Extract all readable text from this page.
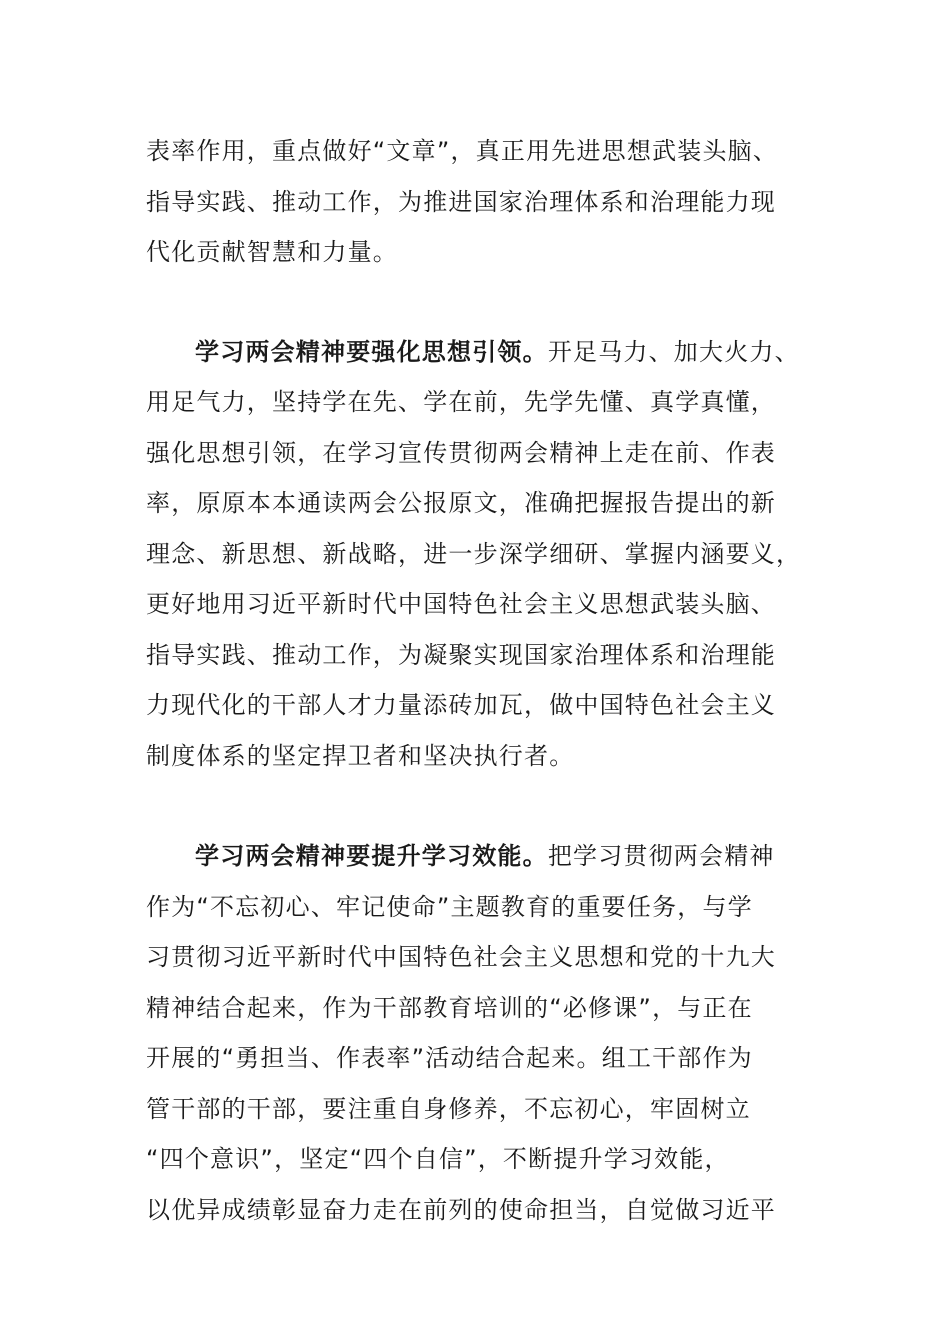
表率作用，重点做好“文章”，真正用先进思想武装头脑、
指导实践、推动工作，为推进国家治理体系和治理能力现
代化贡献智慧和力量。
学习两会精神要强化思想引领。开足马力、加大火力、
用足气力，坚持学在先、学在前，先学先懂、真学真懂，
强化思想引领，在学习宣传贯彻两会精神上走在前、作表
率，原原本本通读两会公报原文，准确把握报告提出的新
理念、新思想、新战略，进一步深学细研、掌握内涵要义，
更好地用习近平新时代中国特色社会主义思想武装头脑、
指导实践、推动工作，为凝聚实现国家治理体系和治理能
力现代化的干部人才力量添砖加瓦，做中国特色社会主义
制度体系的坚定捍卫者和坚决执行者。
学习两会精神要提升学习效能。把学习贯彻两会精神
作为“不忘初心、牢记使命”主题教育的重要任务，与学
习贯彻习近平新时代中国特色社会主义思想和党的十九大
精神结合起来，作为干部教育培训的“必修课”，与正在
开展的“勇担当、作表率”活动结合起来。组工干部作为
管干部的干部，要注重自身修养，不忘初心，牢固树立
“四个意识”，坚定“四个自信”，不断提升学习效能，
以优异成绩彰显奋力走在前列的使命担当，自觉做习近平
